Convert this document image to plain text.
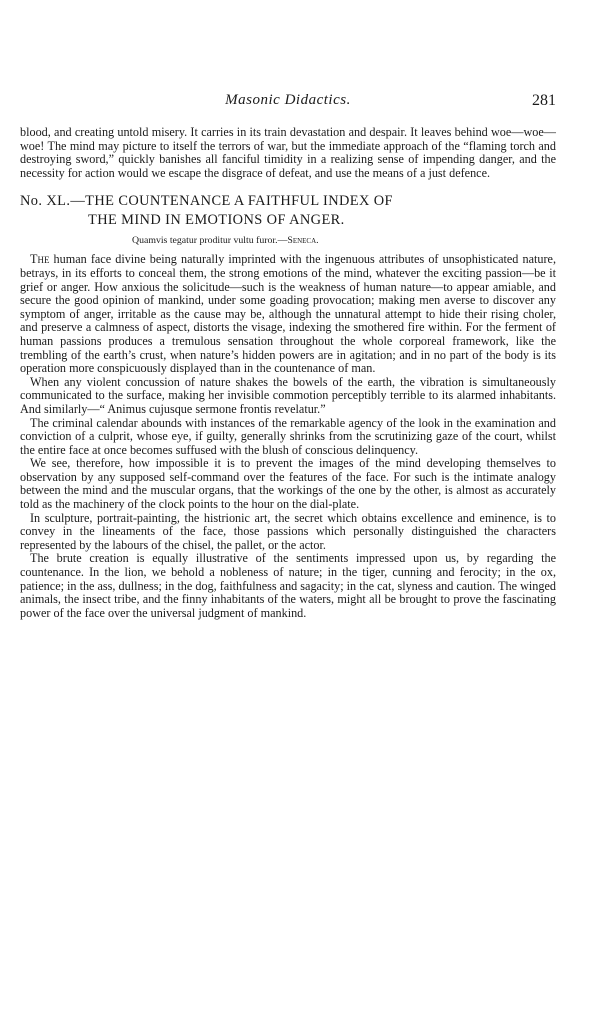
Masonic Didactics.	281

blood, and creating untold misery. It carries in its train devastation and despair. It leaves behind woe—woe—woe! The mind may picture to itself the terrors of war, but the immediate approach of the “flaming torch and destroying sword,” quickly banishes all fanciful timidity in a realizing sense of impending danger, and the necessity for action would we escape the disgrace of defeat, and use the means of a just defence.

No. XL.—THE COUNTENANCE A FAITHFUL INDEX OF
THE MIND IN EMOTIONS OF ANGER.
Quamvis tegatur proditur vultu furor.—Seneca.

The human face divine being naturally imprinted with the ingenuous attributes of unsophisticated nature, betrays, in its efforts to conceal them, the strong emotions of the mind, whatever the exciting passion—be it grief or anger. How anxious the solicitude—such is the weakness of human nature—to appear amiable, and secure the good opinion of mankind, under some goading provocation; making men averse to discover any symptom of anger, irritable as the cause may be, although the unnatural attempt to hide their rising choler, and preserve a calmness of aspect, distorts the visage, indexing the smothered fire within. For the ferment of human passions produces a tremulous sensation throughout the whole corporeal framework, like the trembling of the earth’s crust, when nature’s hidden powers are in agitation; and in no part of the body is its operation more conspicuously displayed than in the countenance of man.

When any violent concussion of nature shakes the bowels of the earth, the vibration is simultaneously communicated to the surface, making her invisible commotion perceptibly terrible to its alarmed inhabitants. And similarly—“ Animus cujusque sermone frontis revelatur.”

The criminal calendar abounds with instances of the remarkable agency of the look in the examination and conviction of a culprit, whose eye, if guilty, generally shrinks from the scrutinizing gaze of the court, whilst the entire face at once becomes suffused with the blush of conscious delinquency.

We see, therefore, how impossible it is to prevent the images of the mind developing themselves to observation by any supposed self-command over the features of the face. For such is the intimate analogy between the mind and the muscular organs, that the workings of the one by the other, is almost as accurately told as the machinery of the clock points to the hour on the dial-plate.

In sculpture, portrait-painting, the histrionic art, the secret which obtains excellence and eminence, is to convey in the lineaments of the face, those passions which personally distinguished the characters represented by the labours of the chisel, the pallet, or the actor.

The brute creation is equally illustrative of the sentiments impressed upon us, by regarding the countenance. In the lion, we behold a nobleness of nature; in the tiger, cunning and ferocity; in the ox, patience; in the ass, dullness; in the dog, faithfulness and sagacity; in the cat, slyness and caution. The winged animals, the insect tribe, and the finny inhabitants of the waters, might all be brought to prove the fascinating power of the face over the universal judgment of mankind.
